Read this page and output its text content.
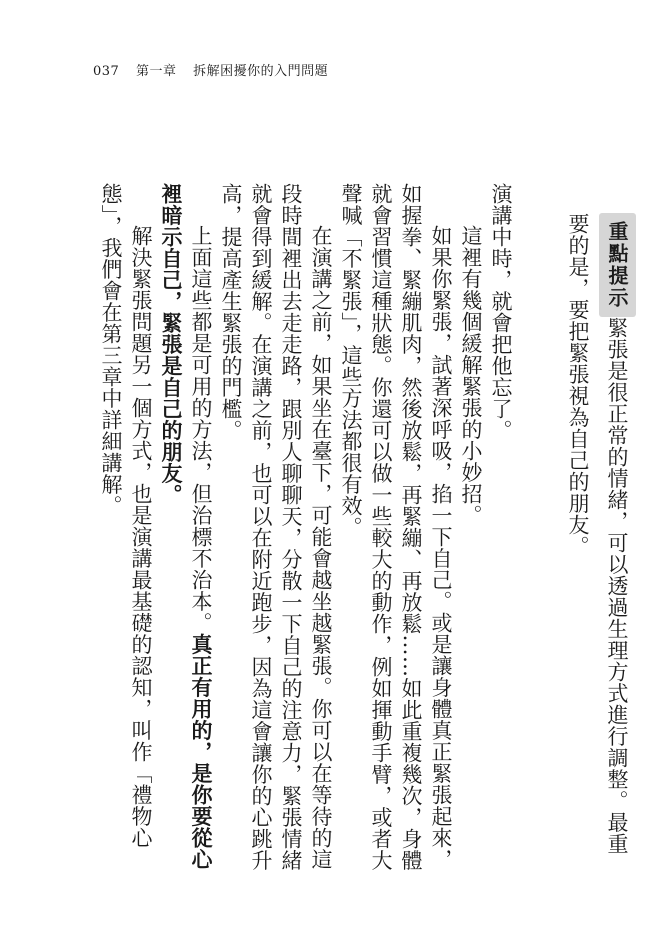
037 第一章 拆解困擾你的入門問題

演講中時，就會把他忘了。

這裡有幾個緩解緊張的小妙招。

如果你緊張，試著深呼吸，掐一下自己。或是讓身體真正緊張起來，如握拳、緊繃肌肉，然後放鬆，再緊繃、再放鬆……如此重複幾次，身體就會習慣這種狀態。你還可以做一些較大的動作，例如揮動手臂，或者大聲喊「不緊張」，這些方法都很有效。

在演講之前，如果坐在臺下，可能會越坐越緊張。你可以在等待的這段時間裡出去走走路，跟別人聊聊天，分散一下自己的注意力，緊張情緒就會得到緩解。在演講之前，也可以在附近跑步，因為這會讓你的心跳升高，提高產生緊張的門檻。

上面這些都是可用的方法，但治標不治本。真正有用的，是你要從心裡暗示自己，緊張是自己的朋友。

解決緊張問題另一個方式，也是演講最基礎的認知，叫作「禮物心態」，我們會在第三章中詳細講解。	重點提示緊張是很正常的情緒，可以透過生理方式進行調整。最重要的是，要把緊張視為自己的朋友。
